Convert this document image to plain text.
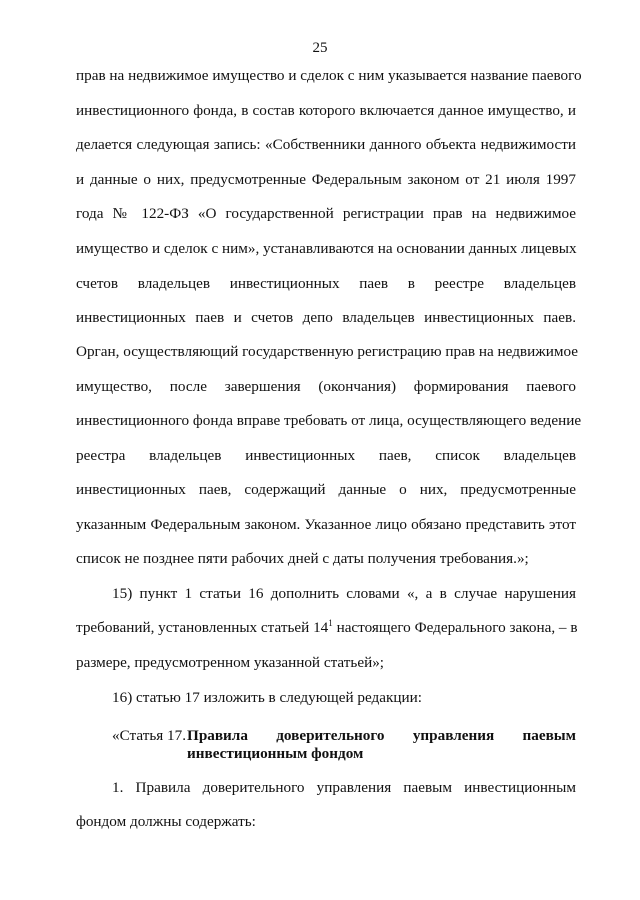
25
прав на недвижимое имущество и сделок с ним указывается название паевого
инвестиционного фонда, в состав которого включается данное имущество, и
делается следующая запись: «Собственники данного объекта недвижимости
и данные о них, предусмотренные Федеральным законом от 21 июля 1997
года № 122-ФЗ «О государственной регистрации прав на недвижимое
имущество и сделок с ним», устанавливаются на основании данных лицевых
счетов владельцев инвестиционных паев в реестре владельцев
инвестиционных паев и счетов депо владельцев инвестиционных паев.
Орган, осуществляющий государственную регистрацию прав на недвижимое
имущество, после завершения (окончания) формирования паевого
инвестиционного фонда вправе требовать от лица, осуществляющего ведение
реестра владельцев инвестиционных паев, список владельцев
инвестиционных паев, содержащий данные о них, предусмотренные
указанным Федеральным законом. Указанное лицо обязано представить этот
список не позднее пяти рабочих дней с даты получения требования.»;
15) пункт 1 статьи 16 дополнить словами «, а в случае нарушения
требований, установленных статьей $14^1$ настоящего Федерального закона, – в
размере, предусмотренном указанной статьей»;
16) статью 17 изложить в следующей редакции:
«Статья 17. Правила доверительного управления паевым
инвестиционным фондом
1. Правила доверительного управления паевым инвестиционным
фондом должны содержать:
